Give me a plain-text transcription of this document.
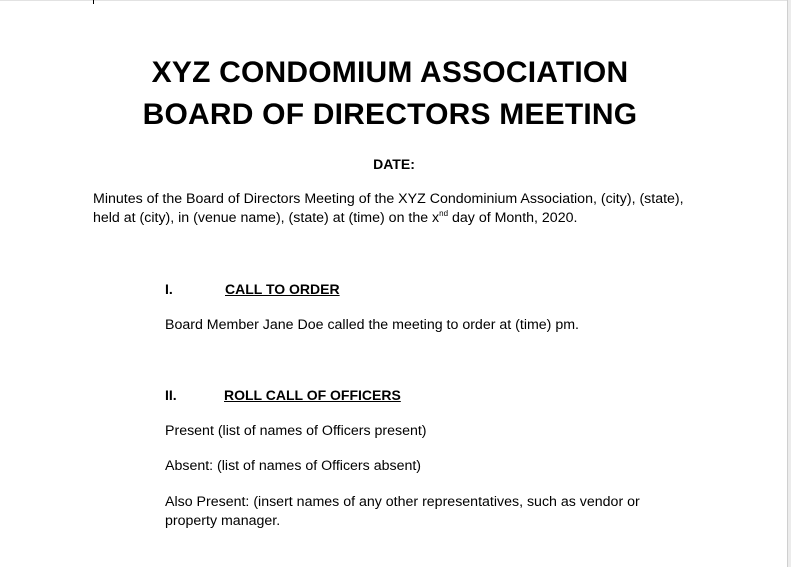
XYZ CONDOMIUM ASSOCIATION
BOARD OF DIRECTORS MEETING
DATE:
Minutes of the Board of Directors Meeting of the XYZ Condominium Association, (city), (state), held at (city), in (venue name), (state) at (time) on the $x^{nd}$ day of Month, 2020.
I.	CALL TO ORDER
Board Member Jane Doe called the meeting to order at (time) pm.
II.	ROLL CALL OF OFFICERS
Present (list of names of Officers present)
Absent: (list of names of Officers absent)
Also Present: (insert names of any other representatives, such as vendor or property manager.
